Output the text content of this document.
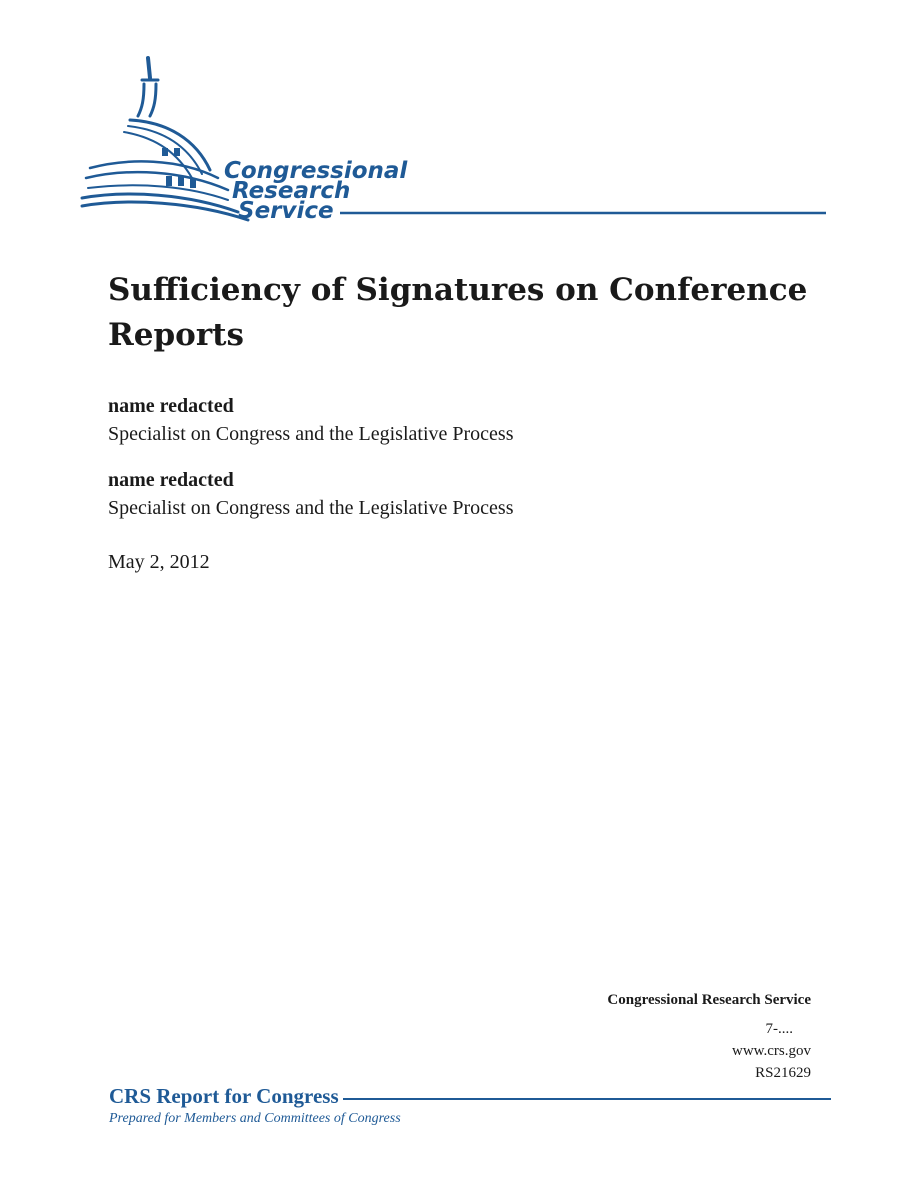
Congressional
Research
Service
Sufficiency of Signatures on Conference Reports
name redacted
Specialist on Congress and the Legislative Process
name redacted
Specialist on Congress and the Legislative Process
May 2, 2012
Congressional Research Service
7-....
www.crs.gov
RS21629
CRS Report for Congress
Prepared for Members and Committees of Congress
